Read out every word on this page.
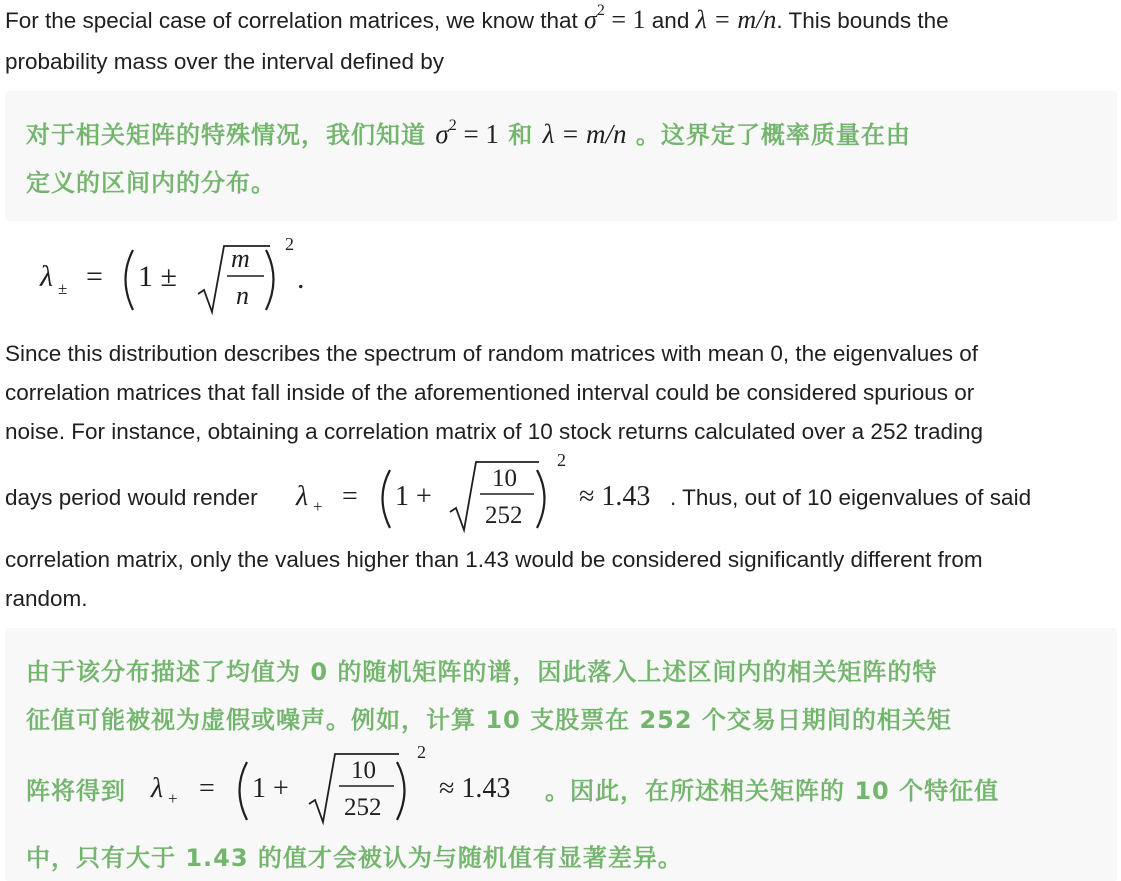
For the special case of correlation matrices, we know that $\sigma^2 = 1$ and λ = m/n. This bounds the
probability mass over the interval defined by
对于相关矩阵的特殊情况，我们知道 $\sigma^2 = 1$ 和 λ = m/n 。这界定了概率质量在由
定义的区间内的分布。
λ ± = 1 ±
m
n
2
.
Since this distribution describes the spectrum of random matrices with mean 0, the eigenvalues of
correlation matrices that fall inside of the aforementioned interval could be considered spurious or
noise. For instance, obtaining a correlation matrix of 10 stock returns calculated over a 252 trading
days period would render	λ + = 1 +
10
252
2
≈ 1.43 . Thus, out of 10 eigenvalues of said
correlation matrix, only the values higher than 1.43 would be considered significantly different from
random.
由于该分布描述了均值为 0 的随机矩阵的谱，因此落入上述区间内的相关矩阵的特
征值可能被视为虚假或噪声。例如，计算 10 支股票在 252 个交易日期间的相关矩
阵将得到 λ + = 1 +
10
252
2
≈ 1.43 。因此，在所述相关矩阵的 10 个特征值
中，只有大于 1.43 的值才会被认为与随机值有显著差异。
